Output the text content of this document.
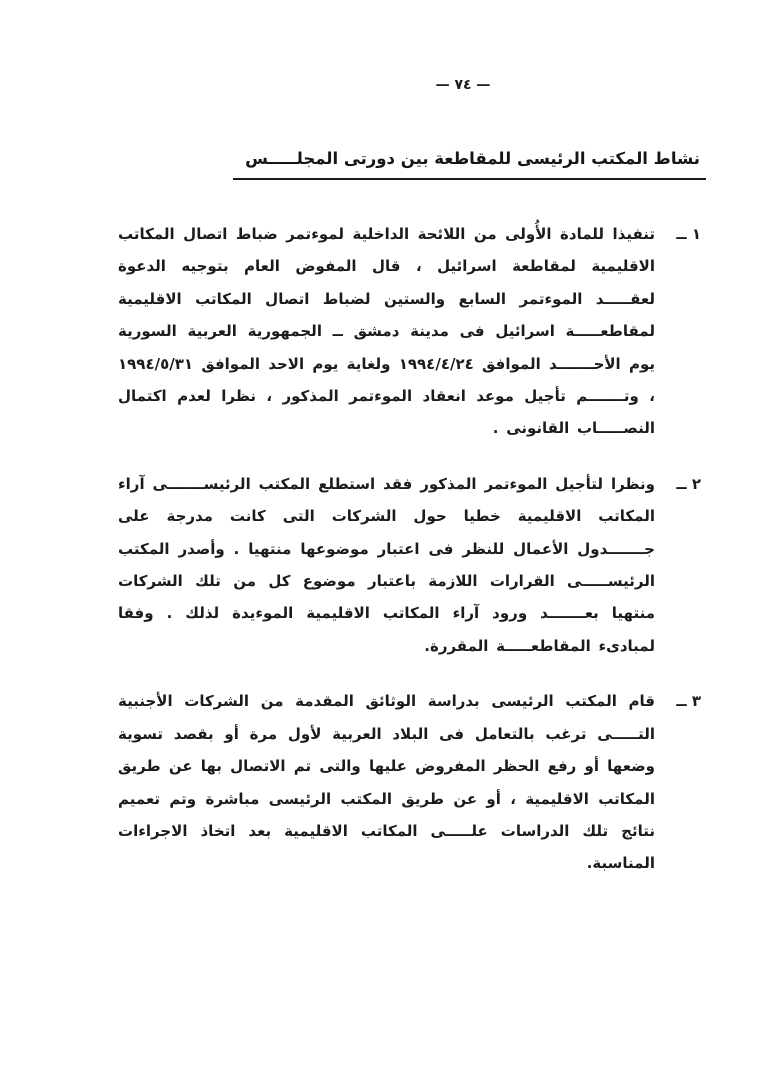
— ٧٤ —
نشاط المكتب الرئيسى للمقاطعة بين دورتى المجلـــــس
١ ــ
تنفيذا للمادة الأُولى من اللائحة الداخلية لموءتمر ضباط اتصال المكاتب الاقليمية لمقاطعة اسرائيل ، قال المفوض العام بتوجيه الدعوة لعقـــــد الموءتمر السابع والستين لضباط اتصال المكاتب الاقليمية لمقاطعـــــة اسرائيل فى مدينة دمشق ــ الجمهورية العربية السورية يوم الأحـــــــد الموافق ١٩٩٤/٤/٢٤ ولغاية يوم الاحد الموافق ١٩٩٤/٥/٣١ ، وتـــــــم تأجيل موعد انعقاد الموءتمر المذكور ، نظرا لعدم اكتمال النصـــــاب القانونى .
٢ ــ
ونظرا لتأجيل الموءتمر المذكور فقد استطلع المكتب الرئيســـــــى آراء المكاتب الاقليمية خطيا حول الشركات التى كانت مدرجة على جـــــــدول الأعمال للنظر فى اعتبار موضوعها منتهيا . وأصدر المكتب الرئيســـــى القرارات اللازمة باعتبار موضوع كل من تلك الشركات منتهيا بعـــــــد ورود آراء المكاتب الاقليمية الموءيدة لذلك . وفقا لمبادىء المقاطعـــــة المقررة.
٣ ــ
قام المكتب الرئيسى بدراسة الوثائق المقدمة من الشركات الأجنبية التـــــى ترغب بالتعامل فى البلاد العربية لأول مرة أو بقصد تسوية وضعها أو رفع الحظر المفروض عليها والتى تم الاتصال بها عن طريق المكاتب الاقليمية ، أو عن طريق المكتب الرئيسى مباشرة وتم تعميم نتائج تلك الدراسات علـــــى المكاتب الاقليمية بعد اتخاذ الاجراءات المناسبة.
